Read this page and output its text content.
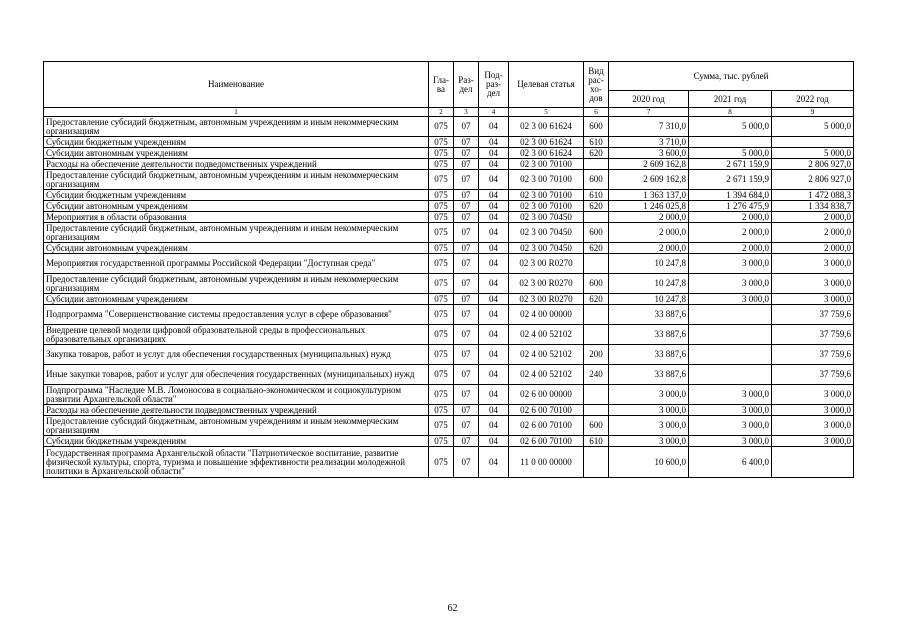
Наименование	Гла-ва	Раз-дел	Под-раз-дел	Целевая статья	Вид рас-хо-дов	Сумма, тыс. рублей		
						2020 год	2021 год	2022 год
1	2	3	4	5	6	7	8	9
Предоставление субсидий бюджетным, автономным учреждениям и иным некоммерческим организациям	075	07	04	02 3 00 61624	600	7 310,0	5 000,0	5 000,0
Субсидии бюджетным учреждениям	075	07	04	02 3 00 61624	610	3 710,0		
Субсидии автономным учреждениям	075	07	04	02 3 00 61624	620	3 600,0	5 000,0	5 000,0
Расходы на обеспечение деятельности подведомственных учреждений	075	07	04	02 3 00 70100		2 609 162,8	2 671 159,9	2 806 927,0
Предоставление субсидий бюджетным, автономным учреждениям и иным некоммерческим организациям	075	07	04	02 3 00 70100	600	2 609 162,8	2 671 159,9	2 806 927,0
Субсидии бюджетным учреждениям	075	07	04	02 3 00 70100	610	1 363 137,0	1 394 684,0	1 472 088,3
Субсидии автономным учреждениям	075	07	04	02 3 00 70100	620	1 246 025,8	1 276 475,9	1 334 838,7
Мероприятия в области образования	075	07	04	02 3 00 70450		2 000,0	2 000,0	2 000,0
Предоставление субсидий бюджетным, автономным учреждениям и иным некоммерческим организациям	075	07	04	02 3 00 70450	600	2 000,0	2 000,0	2 000,0
Субсидии автономным учреждениям	075	07	04	02 3 00 70450	620	2 000,0	2 000,0	2 000,0
Мероприятия государственной программы Российской Федерации "Доступная среда"	075	07	04	02 3 00 R0270		10 247,8	3 000,0	3 000,0
Предоставление субсидий бюджетным, автономным учреждениям и иным некоммерческим организациям	075	07	04	02 3 00 R0270	600	10 247,8	3 000,0	3 000,0
Субсидии автономным учреждениям	075	07	04	02 3 00 R0270	620	10 247,8	3 000,0	3 000,0
Подпрограмма "Совершенствование системы предоставления услуг в сфере образования"	075	07	04	02 4 00 00000		33 887,6		37 759,6
Внедрение целевой модели цифровой образовательной среды в профессиональных образовательных организациях	075	07	04	02 4 00 52102		33 887,6		37 759,6
Закупка товаров, работ и услуг для обеспечения государственных (муниципальных) нужд	075	07	04	02 4 00 52102	200	33 887,6		37 759,6
Иные закупки товаров, работ и услуг для обеспечения государственных (муниципальных) нужд	075	07	04	02 4 00 52102	240	33 887,6		37 759,6
Подпрограмма "Наследие М.В. Ломоносова в социально-экономическом и социокультурном развитии Архангельской области"	075	07	04	02 6 00 00000		3 000,0	3 000,0	3 000,0
Расходы на обеспечение деятельности подведомственных учреждений	075	07	04	02 6 00 70100		3 000,0	3 000,0	3 000,0
Предоставление субсидий бюджетным, автономным учреждениям и иным некоммерческим организациям	075	07	04	02 6 00 70100	600	3 000,0	3 000,0	3 000,0
Субсидии бюджетным учреждениям	075	07	04	02 6 00 70100	610	3 000,0	3 000,0	3 000,0
Государственная программа Архангельской области "Патриотическое воспитание, развитие физической культуры, спорта, туризма и повышение эффективности реализации молодежной политики в Архангельской области"	075	07	04	11 0 00 00000		10 600,0	6 400,0	
62
